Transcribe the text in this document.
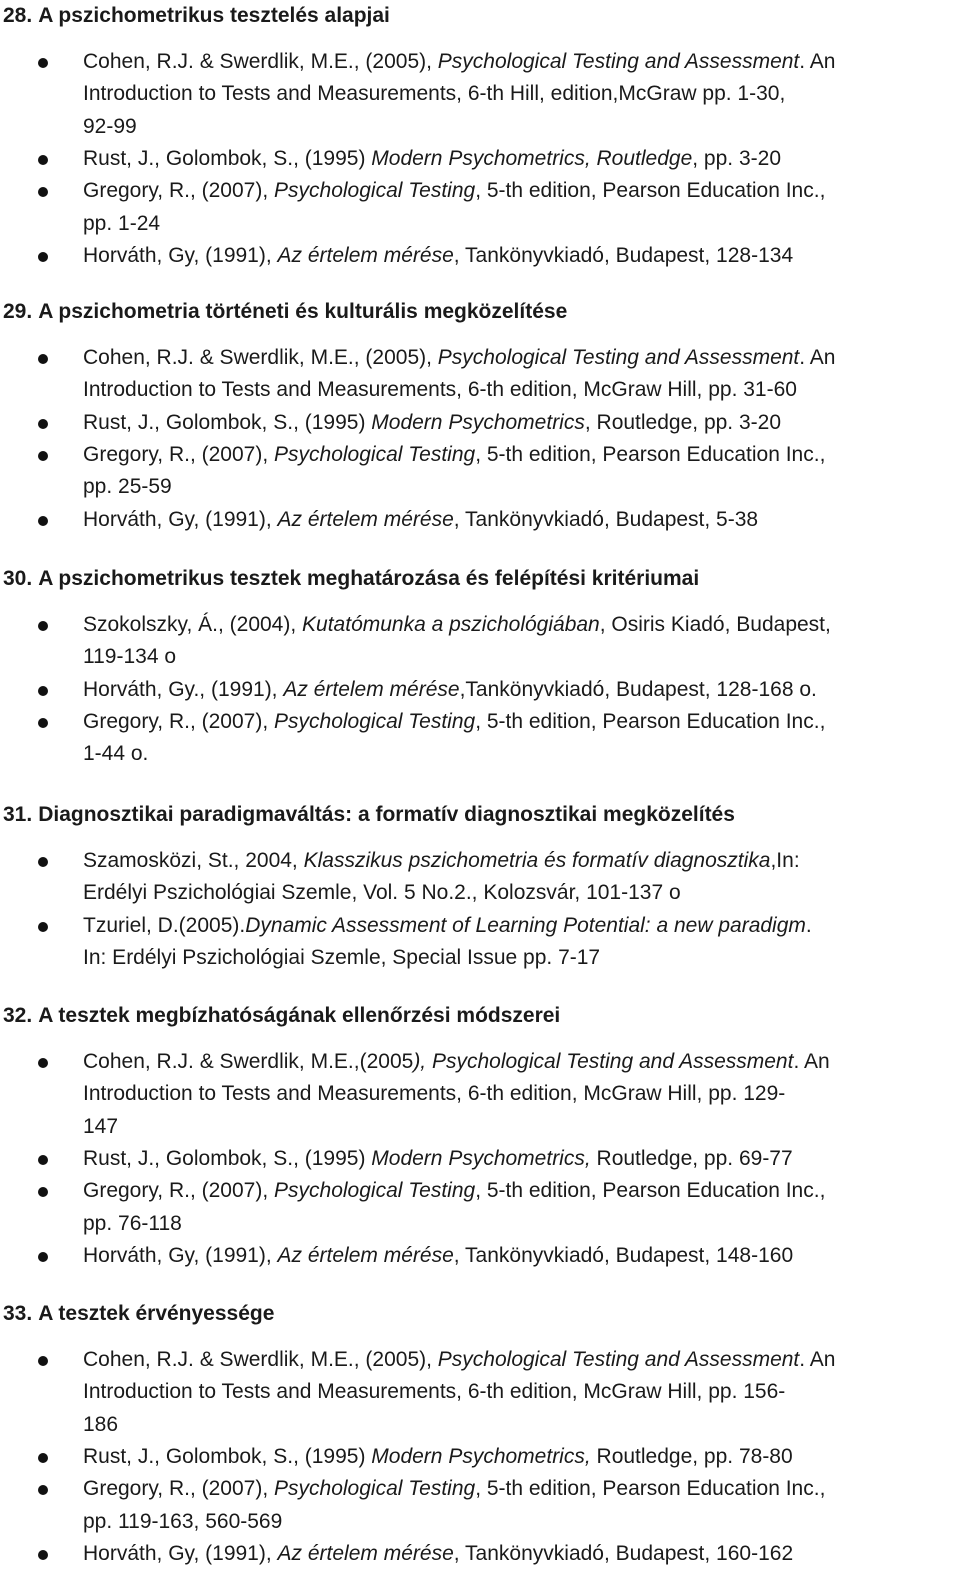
28. A pszichometrikus tesztelés alapjai
Cohen, R.J. & Swerdlik, M.E., (2005), Psychological Testing and Assessment. An
Introduction to Tests and Measurements, 6-th Hill, edition,McGraw pp. 1-30,
92-99
Rust, J., Golombok, S., (1995) Modern Psychometrics, Routledge, pp. 3-20
Gregory, R., (2007), Psychological Testing, 5-th edition, Pearson Education Inc.,
pp. 1-24
Horváth, Gy, (1991), Az értelem mérése, Tankönyvkiadó, Budapest, 128-134
29. A pszichometria történeti és kulturális megközelítése
Cohen, R.J. & Swerdlik, M.E., (2005), Psychological Testing and Assessment. An
Introduction to Tests and Measurements, 6-th edition, McGraw Hill, pp. 31-60
Rust, J., Golombok, S., (1995) Modern Psychometrics, Routledge, pp. 3-20
Gregory, R., (2007), Psychological Testing, 5-th edition, Pearson Education Inc.,
pp. 25-59
Horváth, Gy, (1991), Az értelem mérése, Tankönyvkiadó, Budapest, 5-38
30. A pszichometrikus tesztek meghatározása és felépítési kritériumai
Szokolszky, Á., (2004), Kutatómunka a pszichológiában, Osiris Kiadó, Budapest,
119-134 o
Horváth, Gy., (1991), Az értelem mérése,Tankönyvkiadó, Budapest, 128-168 o.
Gregory, R., (2007), Psychological Testing, 5-th edition, Pearson Education Inc.,
1-44 o.
31. Diagnosztikai paradigmaváltás: a formatív diagnosztikai megközelítés
Szamosközi, St., 2004, Klasszikus pszichometria és formatív diagnosztika,In:
Erdélyi Pszichológiai Szemle, Vol. 5 No.2., Kolozsvár, 101-137 o
Tzuriel, D.(2005).Dynamic Assessment of Learning Potential: a new paradigm.
In: Erdélyi Pszichológiai Szemle, Special Issue pp. 7-17
32. A tesztek megbízhatóságának ellenőrzési módszerei
Cohen, R.J. & Swerdlik, M.E.,(2005), Psychological Testing and Assessment. An
Introduction to Tests and Measurements, 6-th edition, McGraw Hill, pp. 129-
147
Rust, J., Golombok, S., (1995) Modern Psychometrics, Routledge, pp. 69-77
Gregory, R., (2007), Psychological Testing, 5-th edition, Pearson Education Inc.,
pp. 76-118
Horváth, Gy, (1991), Az értelem mérése, Tankönyvkiadó, Budapest, 148-160
33. A tesztek érvényessége
Cohen, R.J. & Swerdlik, M.E., (2005), Psychological Testing and Assessment. An
Introduction to Tests and Measurements, 6-th edition, McGraw Hill, pp. 156-
186
Rust, J., Golombok, S., (1995) Modern Psychometrics, Routledge, pp. 78-80
Gregory, R., (2007), Psychological Testing, 5-th edition, Pearson Education Inc.,
pp. 119-163, 560-569
Horváth, Gy, (1991), Az értelem mérése, Tankönyvkiadó, Budapest, 160-162
